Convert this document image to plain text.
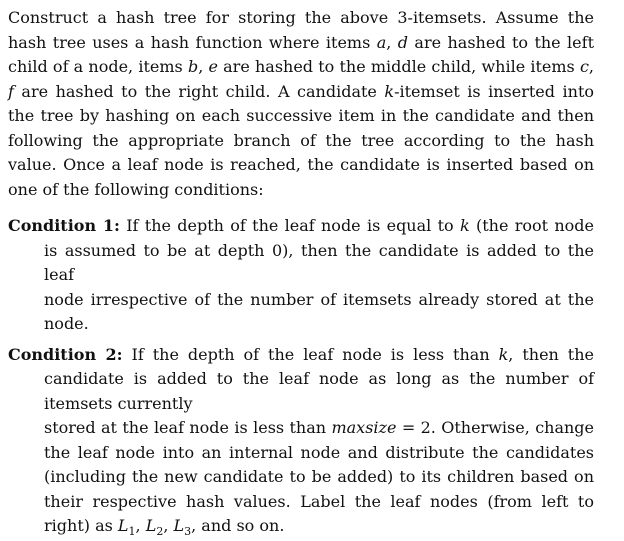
Construct a hash tree for storing the above 3-itemsets. Assume the hash tree uses a hash function where items a, d are hashed to the left child of a node, items b, e are hashed to the middle child, while items c, f are hashed to the right child. A candidate k-itemset is inserted into the tree by hashing on each successive item in the candidate and then following the appropriate branch of the tree according to the hash value. Once a leaf node is reached, the candidate is inserted based on one of the following conditions:

Condition 1: If the depth of the leaf node is equal to k (the root node is assumed to be at depth 0), then the candidate is added to the leaf
node irrespective of the number of itemsets already stored at the node.
Condition 2: If the depth of the leaf node is less than k, then the candidate is added to the leaf node as long as the number of itemsets currently
stored at the leaf node is less than maxsize = 2. Otherwise, change the leaf node into an internal node and distribute the candidates (including the new candidate to be added) to its children based on their respective hash values. Label the leaf nodes (from left to right) as $L_1$, $L_2$, $L_3$, and so on.
